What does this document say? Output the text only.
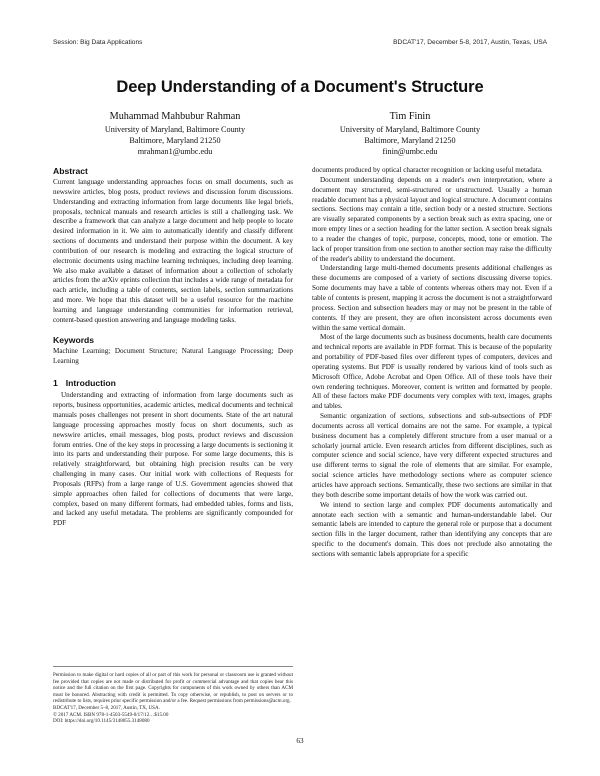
Session: Big Data Applications	BDCAT'17, December 5-8, 2017, Austin, Texas, USA
Deep Understanding of a Document's Structure
Muhammad Mahbubur Rahman
University of Maryland, Baltimore County
Baltimore, Maryland 21250
mrahman1@umbc.edu
Tim Finin
University of Maryland, Baltimore County
Baltimore, Maryland 21250
finin@umbc.edu
Abstract

Current language understanding approaches focus on small documents, such as newswire articles, blog posts, product reviews and discussion forum discussions. Understanding and extracting information from large documents like legal briefs, proposals, technical manuals and research articles is still a challenging task. We describe a framework that can analyze a large document and help people to locate desired information in it. We aim to automatically identify and classify different sections of documents and understand their purpose within the document. A key contribution of our research is modeling and extracting the logical structure of electronic documents using machine learning techniques, including deep learning. We also make available a dataset of information about a collection of scholarly articles from the arXiv eprints collection that includes a wide range of metadata for each article, including a table of contents, section labels, section summarizations and more. We hope that this dataset will be a useful resource for the machine learning and language understanding communities for information retrieval, content-based question answering and language modeling tasks.

Keywords

Machine Learning; Document Structure; Natural Language Processing; Deep Learning

1 Introduction

Understanding and extracting of information from large documents such as reports, business opportunities, academic articles, medical documents and technical manuals poses challenges not present in short documents. State of the art natural language processing approaches mostly focus on short documents, such as newswire articles, email messages, blog posts, product reviews and discussion forum entries. One of the key steps in processing a large documents is sectioning it into its parts and understanding their purpose. For some large documents, this is relatively straightforward, but obtaining high precision results can be very challenging in many cases. Our initial work with collections of Requests for Proposals (RFPs) from a large range of U.S. Government agencies showed that simple approaches often failed for collections of documents that were large, complex, based on many different formats, had embedded tables, forms and lists, and lacked any useful metadata. The problems are significantly compounded for PDF

documents produced by optical character recognition or lacking useful metadata.

Document understanding depends on a reader's own interpretation, where a document may structured, semi-structured or unstructured. Usually a human readable document has a physical layout and logical structure. A document contains sections. Sections may contain a title, section body or a nested structure. Sections are visually separated components by a section break such as extra spacing, one or more empty lines or a section heading for the latter section. A section break signals to a reader the changes of topic, purpose, concepts, mood, tone or emotion. The lack of proper transition from one section to another section may raise the difficulty of the reader's ability to understand the document.

Understanding large multi-themed documents presents additional challenges as these documents are composed of a variety of sections discussing diverse topics. Some documents may have a table of contents whereas others may not. Even if a table of contents is present, mapping it across the document is not a straightforward process. Section and subsection headers may or may not be present in the table of contents. If they are present, they are often inconsistent across documents even within the same vertical domain.

Most of the large documents such as business documents, health care documents and technical reports are available in PDF format. This is because of the popularity and portability of PDF-based files over different types of computers, devices and operating systems. But PDF is usually rendered by various kind of tools such as Microsoft Office, Adobe Acrobat and Open Office. All of these tools have their own rendering techniques. Moreover, content is written and formatted by people. All of these factors make PDF documents very complex with text, images, graphs and tables.

Semantic organization of sections, subsections and sub-subsections of PDF documents across all vertical domains are not the same. For example, a typical business document has a completely different structure from a user manual or a scholarly journal article. Even research articles from different disciplines, such as computer science and social science, have very different expected structures and use different terms to signal the role of elements that are similar. For example, social science articles have methodology sections where as computer science articles have approach sections. Semantically, these two sections are similar in that they both describe some important details of how the work was carried out.

We intend to section large and complex PDF documents automatically and annotate each section with a semantic and human-understandable label. Our semantic labels are intended to capture the general role or purpose that a document section fills in the larger document, rather than identifying any concepts that are specific to the document's domain. This does not preclude also annotating the sections with semantic labels appropriate for a specific

Permission to make digital or hard copies of all or part of this work for personal or classroom use is granted without fee provided that copies are not made or distributed for profit or commercial advantage and that copies bear this notice and the full citation on the first page. Copyrights for components of this work owned by others than ACM must be honored. Abstracting with credit is permitted. To copy otherwise, or republish, to post on servers or to redistribute to lists, requires prior specific permission and/or a fee. Request permissions from permissions@acm.org.

BDCAT'17, December 5–8, 2017, Austin, TX, USA.

© 2017 ACM. ISBN 978-1-4503-5549-0/17/12…$15.00

DOI: https://doi.org/10.1145/3148055.3148080

63
